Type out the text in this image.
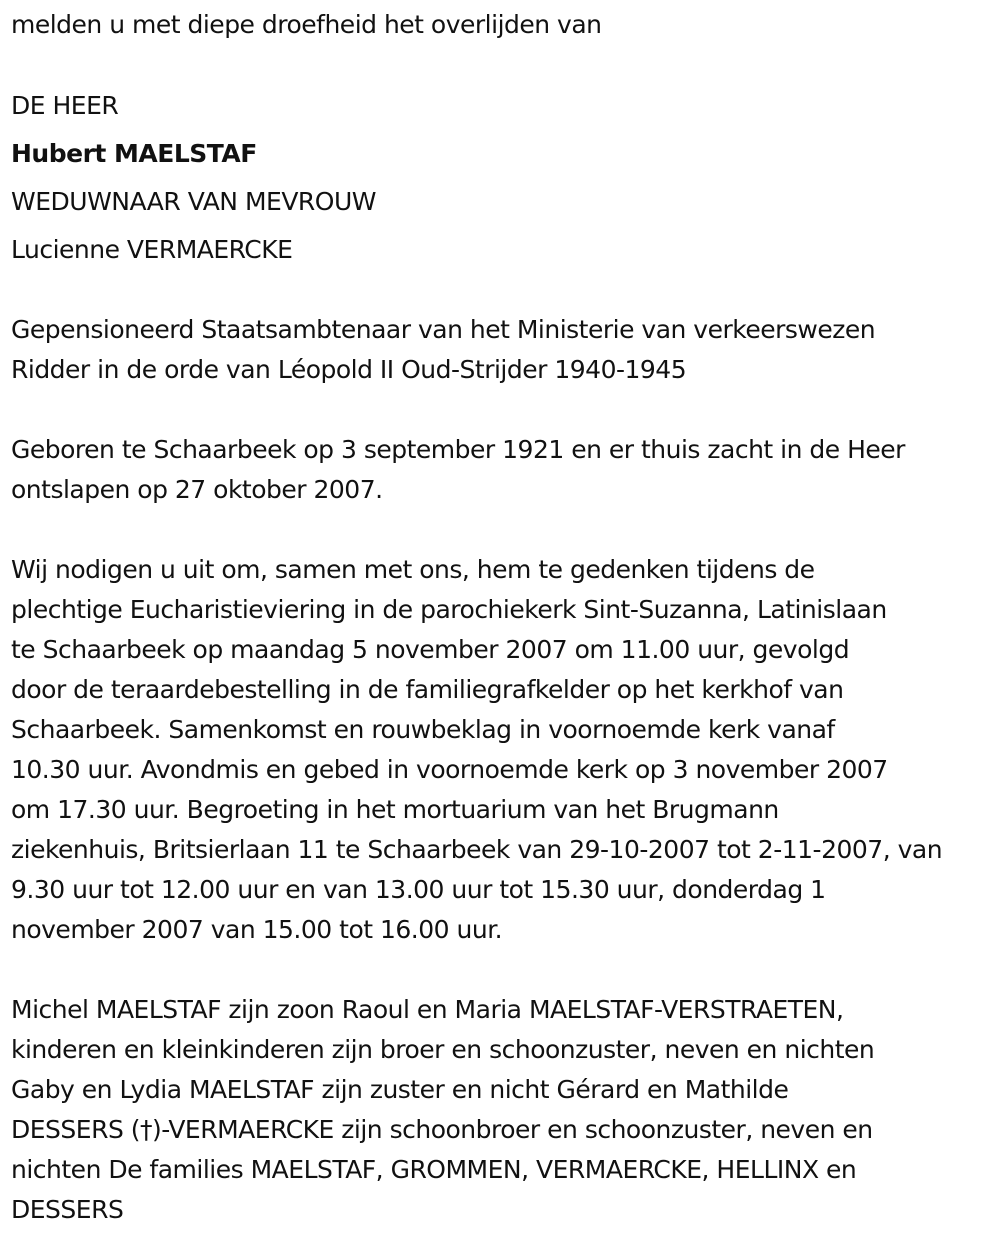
melden u met diepe droefheid het overlijden van
DE HEER
Hubert MAELSTAF
WEDUWNAAR VAN MEVROUW
Lucienne VERMAERCKE
Gepensioneerd Staatsambtenaar van het Ministerie van verkeerswezen
Ridder in de orde van Léopold II Oud-Strijder 1940-1945
Geboren te Schaarbeek op 3 september 1921 en er thuis zacht in de Heer
ontslapen op 27 oktober 2007.
Wij nodigen u uit om, samen met ons, hem te gedenken tijdens de
plechtige Eucharistieviering in de parochiekerk Sint-Suzanna, Latinislaan
te Schaarbeek op maandag 5 november 2007 om 11.00 uur, gevolgd
door de teraardebestelling in de familiegrafkelder op het kerkhof van
Schaarbeek. Samenkomst en rouwbeklag in voornoemde kerk vanaf
10.30 uur. Avondmis en gebed in voornoemde kerk op 3 november 2007
om 17.30 uur. Begroeting in het mortuarium van het Brugmann
ziekenhuis, Britsierlaan 11 te Schaarbeek van 29-10-2007 tot 2-11-2007, van
9.30 uur tot 12.00 uur en van 13.00 uur tot 15.30 uur, donderdag 1
november 2007 van 15.00 tot 16.00 uur.
Michel MAELSTAF zijn zoon Raoul en Maria MAELSTAF-VERSTRAETEN,
kinderen en kleinkinderen zijn broer en schoonzuster, neven en nichten
Gaby en Lydia MAELSTAF zijn zuster en nicht Gérard en Mathilde
DESSERS (†)-VERMAERCKE zijn schoonbroer en schoonzuster, neven en
nichten De families MAELSTAF, GROMMEN, VERMAERCKE, HELLINX en
DESSERS
